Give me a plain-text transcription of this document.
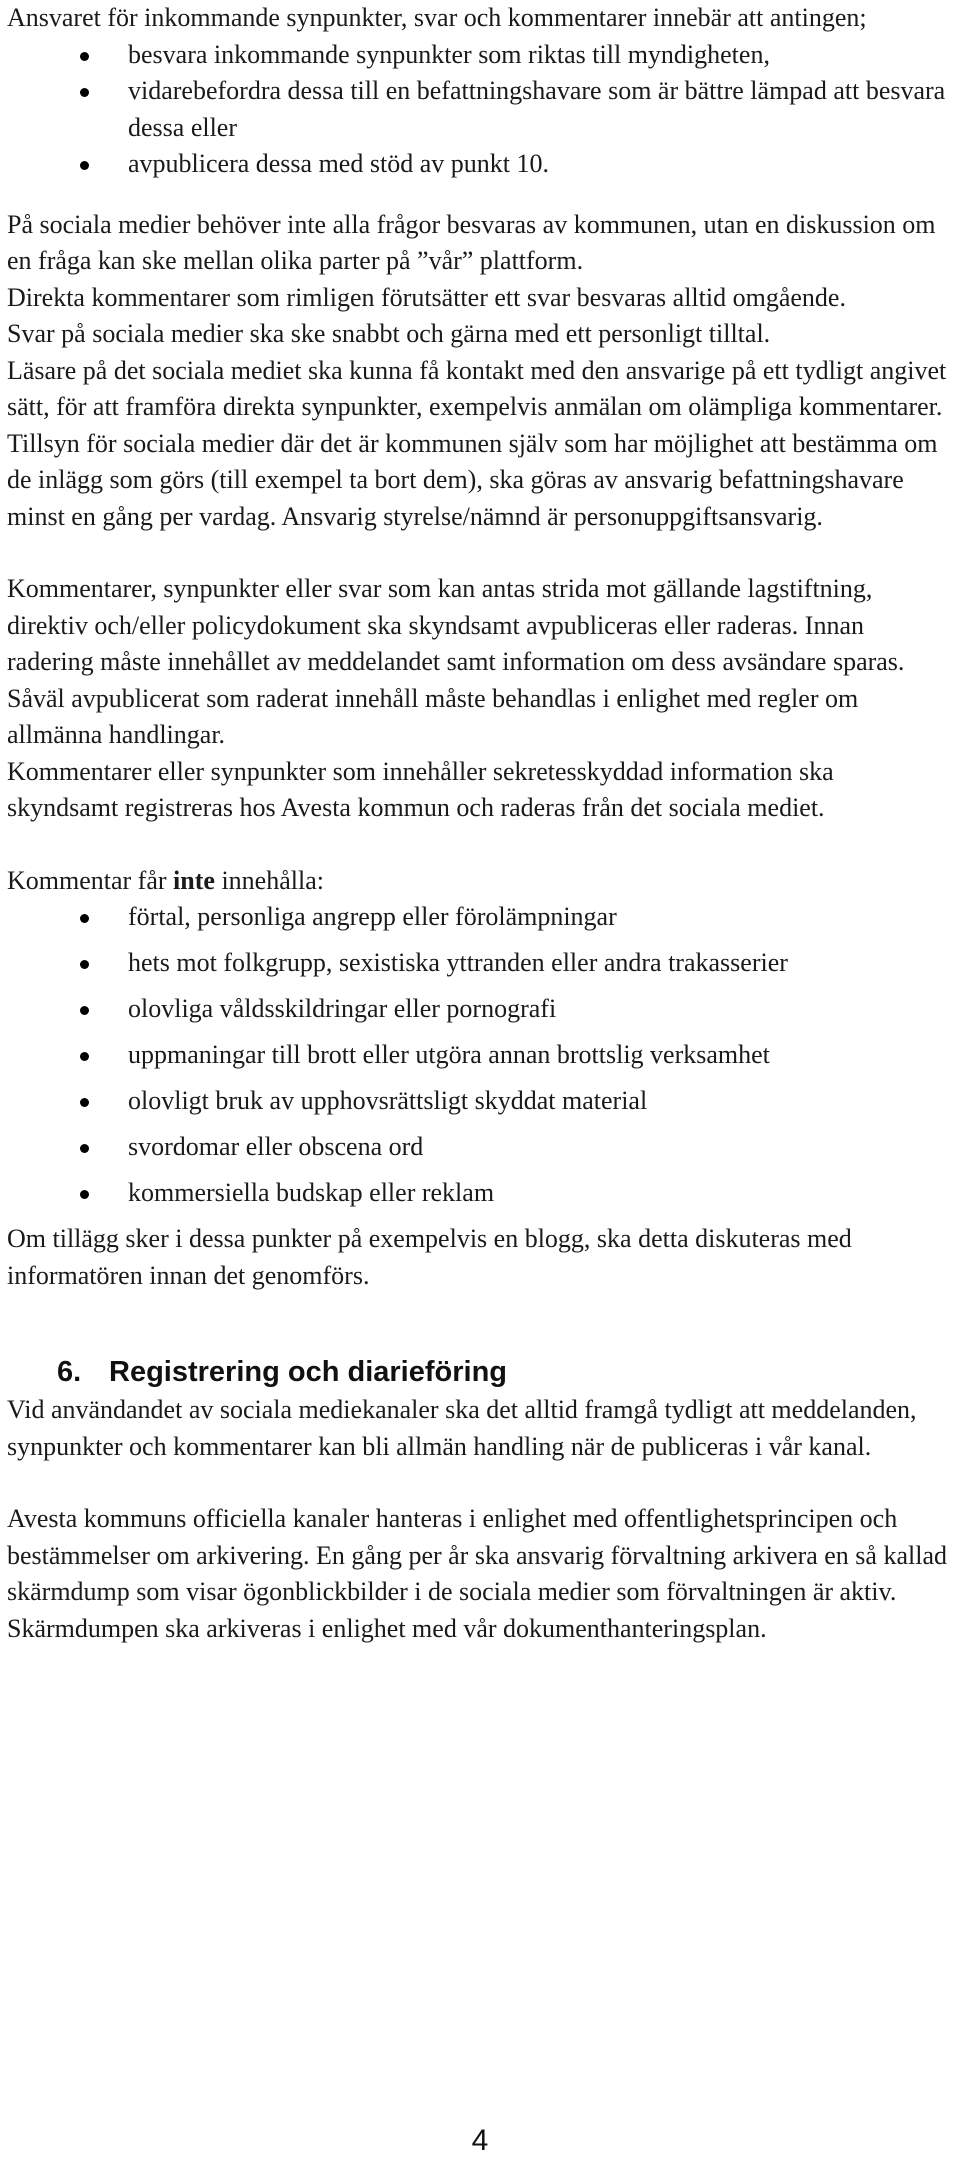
Ansvaret för inkommande synpunkter, svar och kommentarer innebär att antingen;

besvara inkommande synpunkter som riktas till myndigheten,
vidarebefordra dessa till en befattningshavare som är bättre lämpad att besvara dessa eller
avpublicera dessa med stöd av punkt 10.

På sociala medier behöver inte alla frågor besvaras av kommunen, utan en diskussion om en fråga kan ske mellan olika parter på ”vår” plattform.

Direkta kommentarer som rimligen förutsätter ett svar besvaras alltid omgående.

Svar på sociala medier ska ske snabbt och gärna med ett personligt tilltal.

Läsare på det sociala mediet ska kunna få kontakt med den ansvarige på ett tydligt angivet sätt, för att framföra direkta synpunkter, exempelvis anmälan om olämpliga kommentarer.

Tillsyn för sociala medier där det är kommunen själv som har möjlighet att bestämma om de inlägg som görs (till exempel ta bort dem), ska göras av ansvarig befattningshavare minst en gång per vardag. Ansvarig styrelse/nämnd är personuppgiftsansvarig.

Kommentarer, synpunkter eller svar som kan antas strida mot gällande lagstiftning, direktiv och/eller policydokument ska skyndsamt avpubliceras eller raderas. Innan radering måste innehållet av meddelandet samt information om dess avsändare sparas. Såväl avpublicerat som raderat innehåll måste behandlas i enlighet med regler om allmänna handlingar.

Kommentarer eller synpunkter som innehåller sekretesskyddad information ska skyndsamt registreras hos Avesta kommun och raderas från det sociala mediet.

Kommentar får inte innehålla:

förtal, personliga angrepp eller förolämpningar
hets mot folkgrupp, sexistiska yttranden eller andra trakasserier
olovliga våldsskildringar eller pornografi
uppmaningar till brott eller utgöra annan brottslig verksamhet
olovligt bruk av upphovsrättsligt skyddat material
svordomar eller obscena ord
kommersiella budskap eller reklam

Om tillägg sker i dessa punkter på exempelvis en blogg, ska detta diskuteras med informatören innan det genomförs.

6. Registrering och diarieföring

Vid användandet av sociala mediekanaler ska det alltid framgå tydligt att meddelanden, synpunkter och kommentarer kan bli allmän handling när de publiceras i vår kanal.

Avesta kommuns officiella kanaler hanteras i enlighet med offentlighetsprincipen och bestämmelser om arkivering. En gång per år ska ansvarig förvaltning arkivera en så kallad skärmdump som visar ögonblickbilder i de sociala medier som förvaltningen är aktiv.

Skärmdumpen ska arkiveras i enlighet med vår dokumenthanteringsplan.

4
